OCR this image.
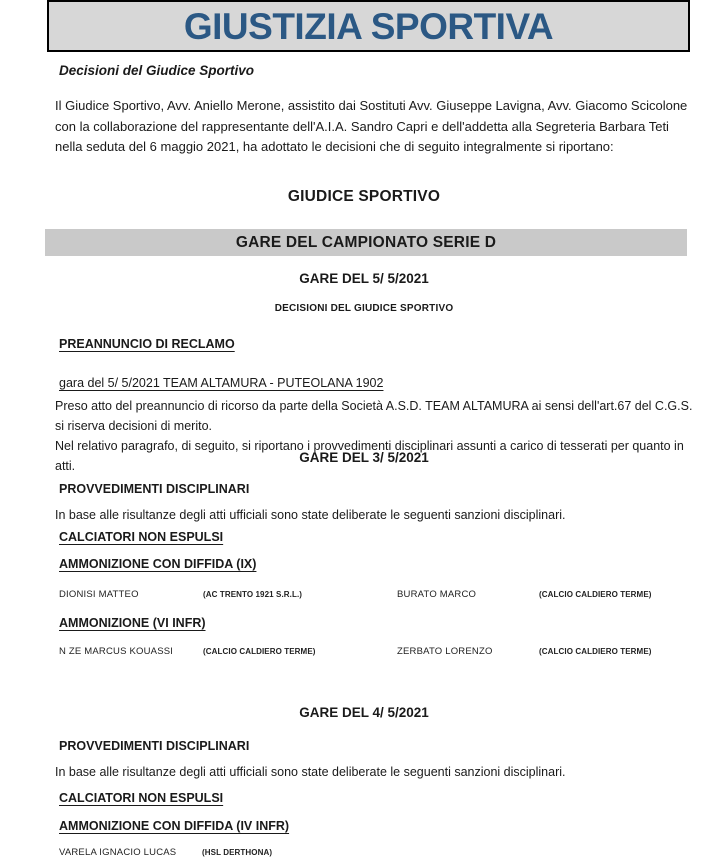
GIUSTIZIA SPORTIVA
Decisioni del Giudice Sportivo
Il Giudice Sportivo, Avv. Aniello Merone, assistito dai Sostituti Avv. Giuseppe Lavigna, Avv. Giacomo Scicolone con la collaborazione del rappresentante dell'A.I.A. Sandro Capri e dell'addetta alla Segreteria Barbara Teti nella seduta del 6 maggio 2021, ha adottato le decisioni che di seguito integralmente si riportano:
GIUDICE SPORTIVO
GARE DEL CAMPIONATO SERIE D
GARE DEL 5/ 5/2021
DECISIONI DEL GIUDICE SPORTIVO
PREANNUNCIO DI RECLAMO
gara del 5/ 5/2021 TEAM ALTAMURA - PUTEOLANA 1902
Preso atto del preannuncio di ricorso da parte della Società A.S.D. TEAM ALTAMURA ai sensi dell'art.67 del C.G.S. si riserva decisioni di merito.
Nel relativo paragrafo, di seguito, si riportano i provvedimenti disciplinari assunti a carico di tesserati per quanto in atti.
GARE DEL 3/ 5/2021
PROVVEDIMENTI DISCIPLINARI
In base alle risultanze degli atti ufficiali sono state deliberate le seguenti sanzioni disciplinari.
CALCIATORI NON ESPULSI
AMMONIZIONE CON DIFFIDA (IX)
DIONISI MATTEO	(AC TRENTO 1921 S.R.L.)	BURATO MARCO	(CALCIO CALDIERO TERME)
AMMONIZIONE (VI INFR)
N ZE MARCUS KOUASSI	(CALCIO CALDIERO TERME)	ZERBATO LORENZO	(CALCIO CALDIERO TERME)
GARE DEL 4/ 5/2021
PROVVEDIMENTI DISCIPLINARI
In base alle risultanze degli atti ufficiali sono state deliberate le seguenti sanzioni disciplinari.
CALCIATORI NON ESPULSI
AMMONIZIONE CON DIFFIDA (IV INFR)
VARELA IGNACIO LUCAS	(HSL DERTHONA)
